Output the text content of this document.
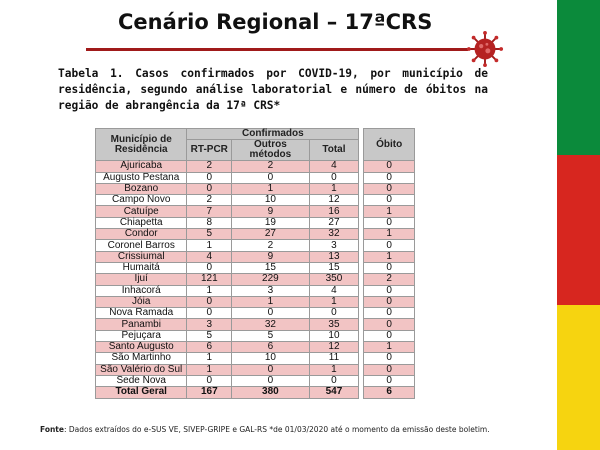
Cenário Regional – 17ªCRS
Tabela 1. Casos confirmados por COVID-19, por município de residência, segundo análise laboratorial e número de óbitos na região de abrangência da 17ª CRS*
Município de Residência	Confirmados				Óbito
	RT-PCR	Outros métodos	Total		
Ajuricaba	2	2	4		0
Augusto Pestana	0	0	0		0
Bozano	0	1	1		0
Campo Novo	2	10	12		0
Catuípe	7	9	16		1
Chiapetta	8	19	27		0
Condor	5	27	32		1
Coronel Barros	1	2	3		0
Crissiumal	4	9	13		1
Humaitá	0	15	15		0
Ijuí	121	229	350		2
Inhacorá	1	3	4		0
Jóia	0	1	1		0
Nova Ramada	0	0	0		0
Panambi	3	32	35		0
Pejuçara	5	5	10		0
Santo Augusto	6	6	12		1
São Martinho	1	10	11		0
São Valério do Sul	1	0	1		0
Sede Nova	0	0	0		0
Total Geral	167	380	547		6
Fonte: Dados extraídos do e-SUS VE, SIVEP-GRIPE e GAL-RS *de 01/03/2020 até o momento da emissão deste boletim.
